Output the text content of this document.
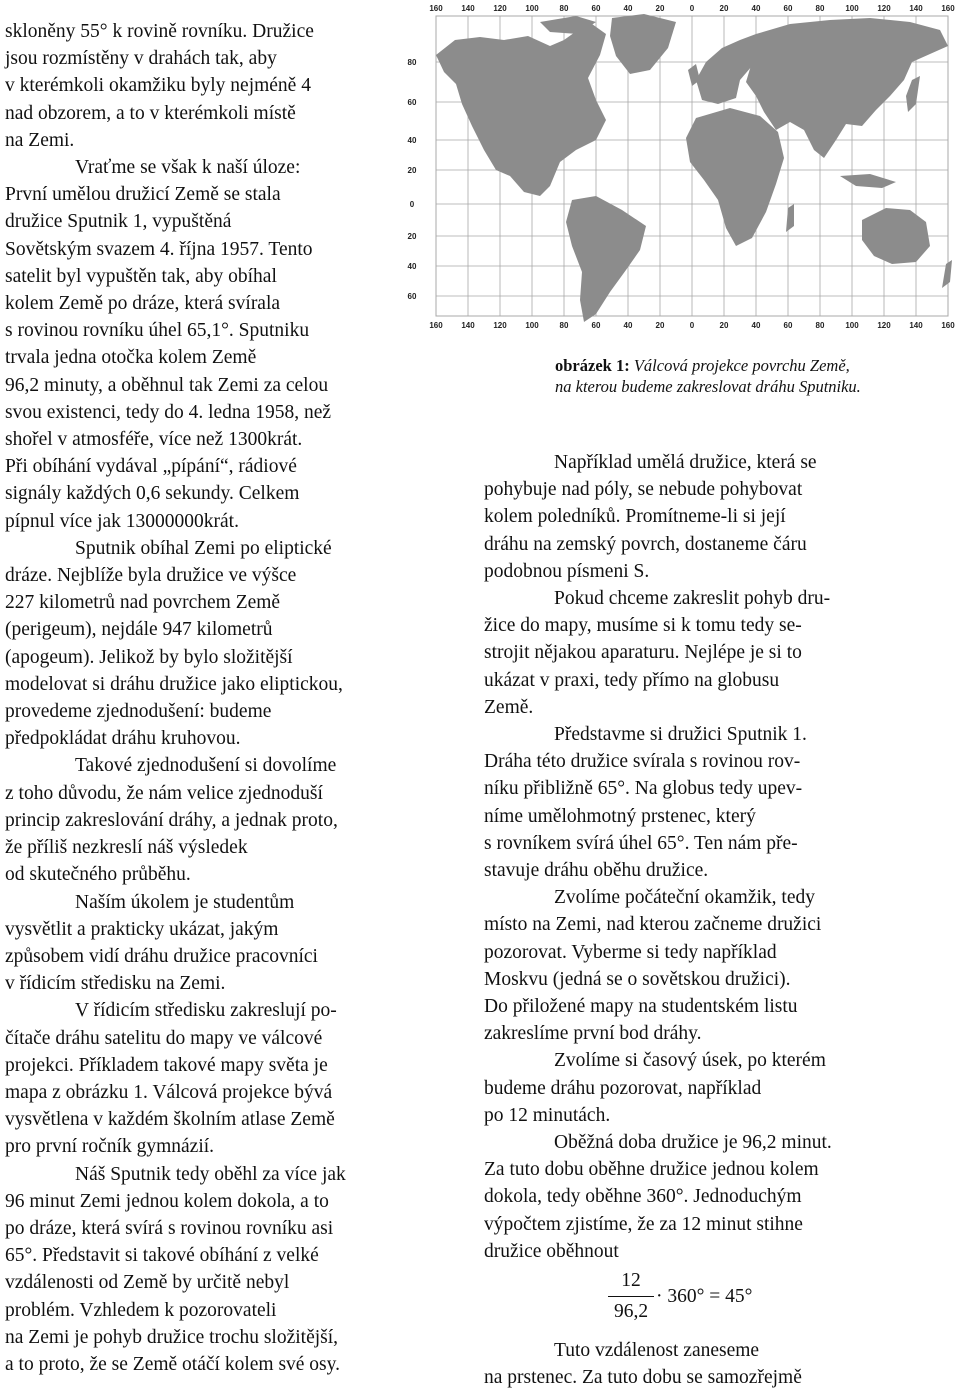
skloněny 55° k rovině rovníku. Družice
jsou rozmístěny v drahách tak, aby
v kterémkoli okamžiku byly nejméně 4
nad obzorem, a to v kterémkoli místě
na Zemi.
Vraťme se však k naší úloze:
První umělou družicí Země se stala
družice Sputnik 1, vypuštěná
Sovětským svazem 4. října 1957. Tento
satelit byl vypuštěn tak, aby obíhal
kolem Země po dráze, která svírala
s rovinou rovníku úhel 65,1°. Sputniku
trvala jedna otočka kolem Země
96,2 minuty, a oběhnul tak Zemi za celou
svou existenci, tedy do 4. ledna 1958, než
shořel v atmosféře, více než 1300krát.
Při obíhání vydával „pípání“, rádiové
signály každých 0,6 sekundy. Celkem
pípnul více jak 13000000krát.
Sputnik obíhal Zemi po eliptické
dráze. Nejblíže byla družice ve výšce
227 kilometrů nad povrchem Země
(perigeum), nejdále 947 kilometrů
(apogeum). Jelikož by bylo složitější
modelovat si dráhu družice jako eliptickou,
provedeme zjednodušení: budeme
předpokládat dráhu kruhovou.
Takové zjednodušení si dovolíme
z toho důvodu, že nám velice zjednoduší
princip zakreslování dráhy, a jednak proto,
že příliš nezkreslí náš výsledek
od skutečného průběhu.
Naším úkolem je studentům
vysvětlit a prakticky ukázat, jakým
způsobem vidí dráhu družice pracovníci
v řídicím středisku na Zemi.
V řídicím středisku zakreslují po-
čítače dráhu satelitu do mapy ve válcové
projekci. Příkladem takové mapy světa je
mapa z obrázku 1. Válcová projekce bývá
vysvětlena v každém školním atlase Země
pro první ročník gymnázií.
Náš Sputnik tedy oběhl za více jak
96 minut Zemi jednou kolem dokola, a to
po dráze, která svírá s rovinou rovníku asi
65°. Představit si takové obíhání z velké
vzdálenosti od Země by určitě nebyl
problém. Vzhledem k pozorovateli
na Zemi je pohyb družice trochu složitější,
a to proto, že se Země otáčí kolem své osy.
160 140 120 100	80	60	40	20	0	20	40	60	80	100 120 140 160
160 140 120 100	80	60	40	20	0	20	40	60	80	100 120 140 160
80
60
40
20
0
20
40
60
obrázek 1: Válcová projekce povrchu Země,
na kterou budeme zakreslovat dráhu Sputniku.
Například umělá družice, která se
pohybuje nad póly, se nebude pohybovat
kolem poledníků. Promítneme-li si její
dráhu na zemský povrch, dostaneme čáru
podobnou písmeni S.
Pokud chceme zakreslit pohyb dru-
žice do mapy, musíme si k tomu tedy se-
strojit nějakou aparaturu. Nejlépe je si to
ukázat v praxi, tedy přímo na globusu
Země.
Představme si družici Sputnik 1.
Dráha této družice svírala s rovinou rov-
níku přibližně 65°. Na globus tedy upev-
níme umělohmotný prstenec, který
s rovníkem svírá úhel 65°. Ten nám pře-
stavuje dráhu oběhu družice.
Zvolíme počáteční okamžik, tedy
místo na Zemi, nad kterou začneme družici
pozorovat. Vyberme si tedy například
Moskvu (jedná se o sovětskou družici).
Do přiložené mapy na studentském listu
zakreslíme první bod dráhy.
Zvolíme si časový úsek, po kterém
budeme dráhu pozorovat, například
po 12 minutách.
Oběžná doba družice je 96,2 minut.
Za tuto dobu oběhne družice jednou kolem
dokola, tedy oběhne 360°. Jednoduchým
výpočtem zjistíme, že za 12 minut stihne
družice oběhnout
12
96,2
· 360° = 45°
Tuto vzdálenost zaneseme
na prstenec. Za tuto dobu se samozřejmě
